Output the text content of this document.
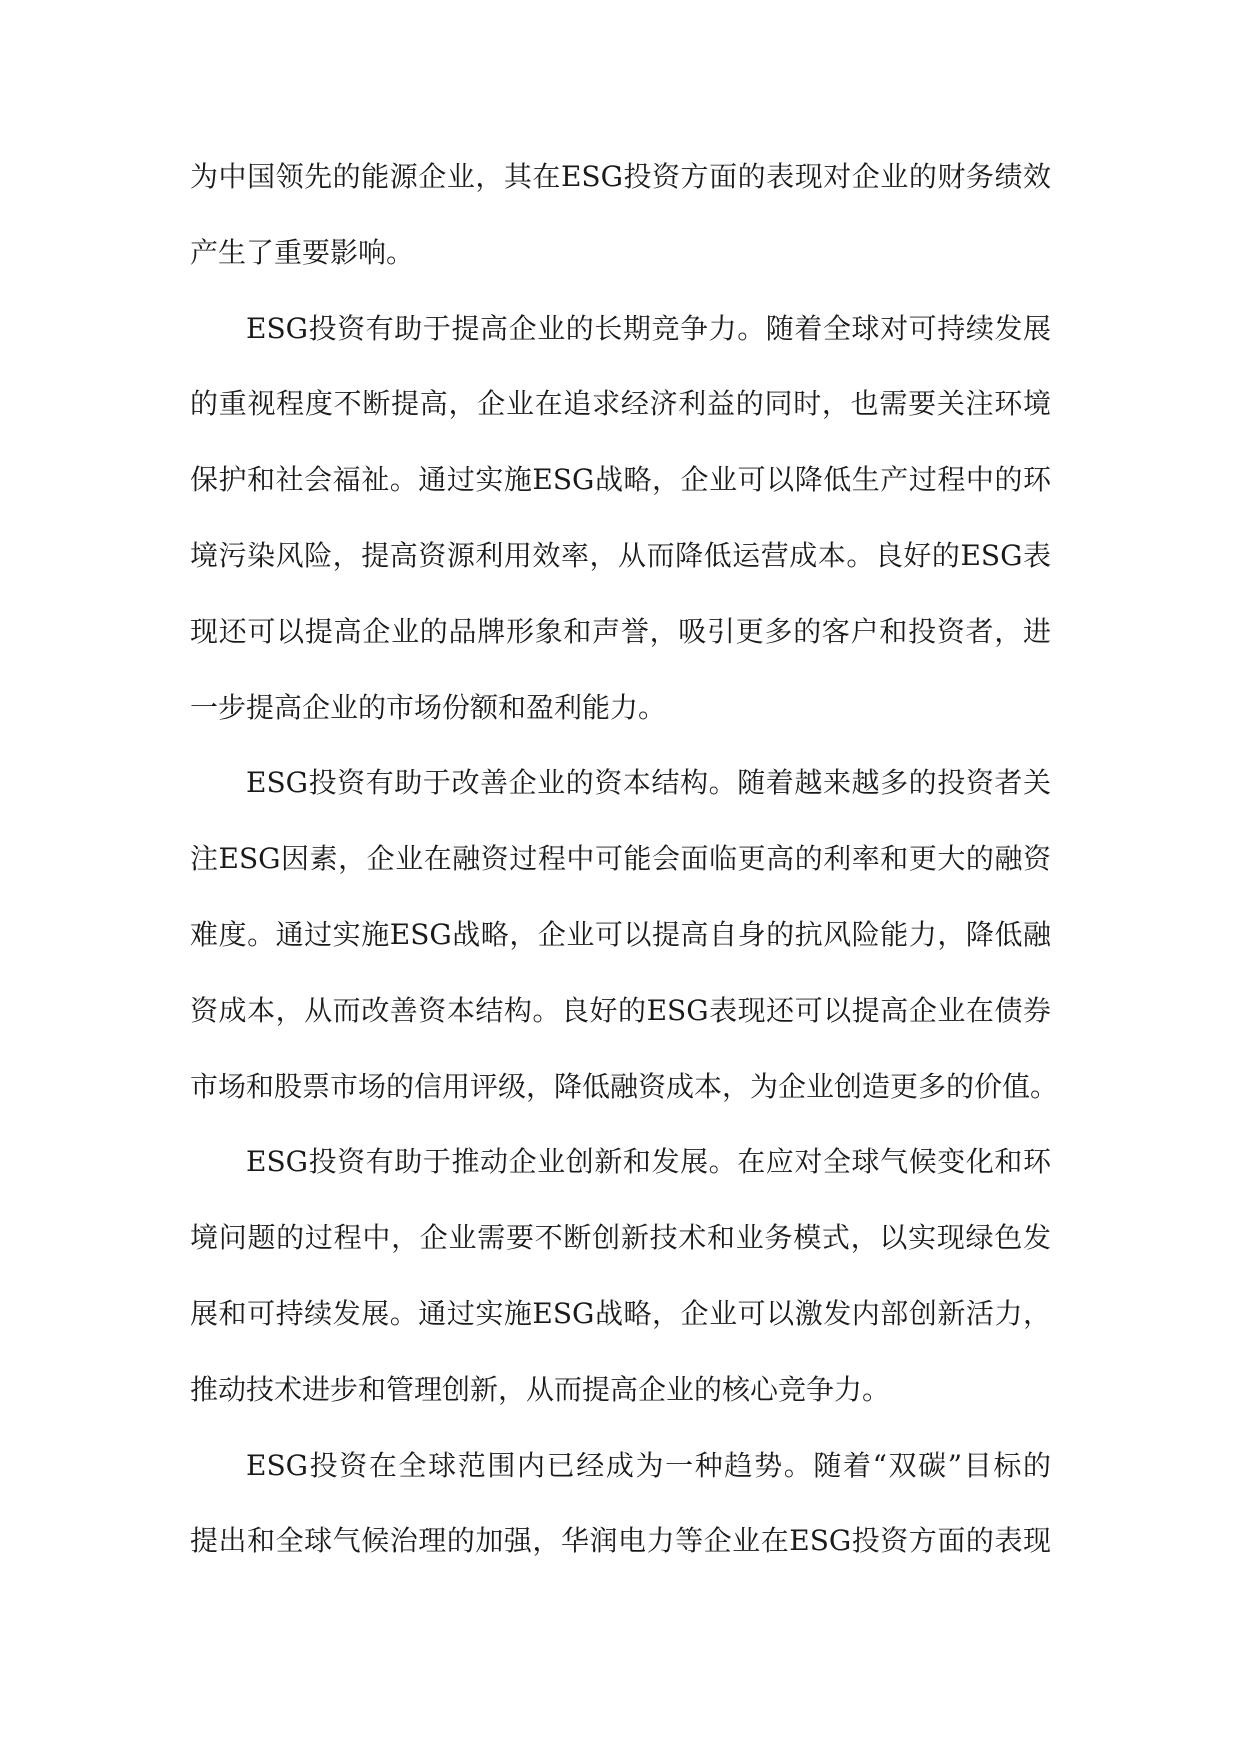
为中国领先的能源企业，其在ESG投资方面的表现对企业的财务绩效
产生了重要影响。
ESG投资有助于提高企业的长期竞争力。随着全球对可持续发展
的重视程度不断提高，企业在追求经济利益的同时，也需要关注环境
保护和社会福祉。通过实施ESG战略，企业可以降低生产过程中的环
境污染风险，提高资源利用效率，从而降低运营成本。良好的ESG表
现还可以提高企业的品牌形象和声誉，吸引更多的客户和投资者，进
一步提高企业的市场份额和盈利能力。
ESG投资有助于改善企业的资本结构。随着越来越多的投资者关
注ESG因素，企业在融资过程中可能会面临更高的利率和更大的融资
难度。通过实施ESG战略，企业可以提高自身的抗风险能力，降低融
资成本，从而改善资本结构。良好的ESG表现还可以提高企业在债券
市场和股票市场的信用评级，降低融资成本，为企业创造更多的价值。
ESG投资有助于推动企业创新和发展。在应对全球气候变化和环
境问题的过程中，企业需要不断创新技术和业务模式，以实现绿色发
展和可持续发展。通过实施ESG战略，企业可以激发内部创新活力，
推动技术进步和管理创新，从而提高企业的核心竞争力。
ESG投资在全球范围内已经成为一种趋势。随着“双碳”目标的
提出和全球气候治理的加强，华润电力等企业在ESG投资方面的表现
